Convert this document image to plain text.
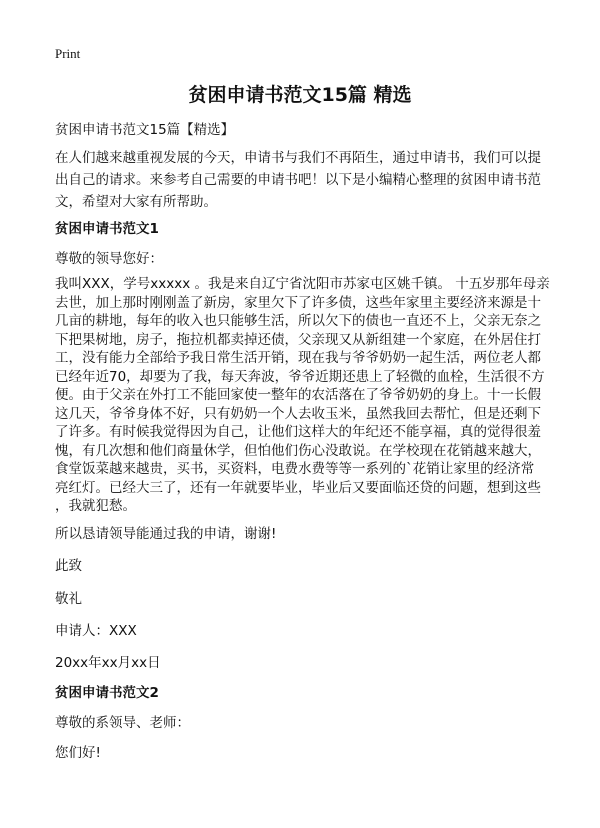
Print
贫困申请书范文15篇 精选
贫困申请书范文15篇【精选】
在人们越来越重视发展的今天，申请书与我们不再陌生，通过申请书，我们可以提
出自己的请求。来参考自己需要的申请书吧！以下是小编精心整理的贫困申请书范
文，希望对大家有所帮助。
贫困申请书范文1
尊敬的领导您好：
我叫XXX，学号xxxxx 。我是来自辽宁省沈阳市苏家屯区姚千镇。 十五岁那年母亲
去世，加上那时刚刚盖了新房，家里欠下了许多债，这些年家里主要经济来源是十
几亩的耕地，每年的收入也只能够生活，所以欠下的债也一直还不上，父亲无奈之
下把果树地，房子，拖拉机都卖掉还债，父亲现又从新组建一个家庭，在外居住打
工，没有能力全部给予我日常生活开销，现在我与爷爷奶奶一起生活，两位老人都
已经年近70，却要为了我，每天奔波，爷爷近期还患上了轻微的血栓，生活很不方
便。由于父亲在外打工不能回家使一整年的农活落在了爷爷奶奶的身上。十一长假
这几天，爷爷身体不好，只有奶奶一个人去收玉米，虽然我回去帮忙，但是还剩下
了许多。有时候我觉得因为自己，让他们这样大的年纪还不能享福，真的觉得很羞
愧，有几次想和他们商量休学，但怕他们伤心没敢说。在学校现在花销越来越大，
食堂饭菜越来越贵，买书，买资料，电费水费等等一系列的`花销让家里的经济常
亮红灯。已经大三了，还有一年就要毕业，毕业后又要面临还贷的问题，想到这些
，我就犯愁。
所以恳请领导能通过我的申请，谢谢!
此致
敬礼
申请人：XXX
20xx年xx月xx日
贫困申请书范文2
尊敬的系领导、老师：
您们好!
